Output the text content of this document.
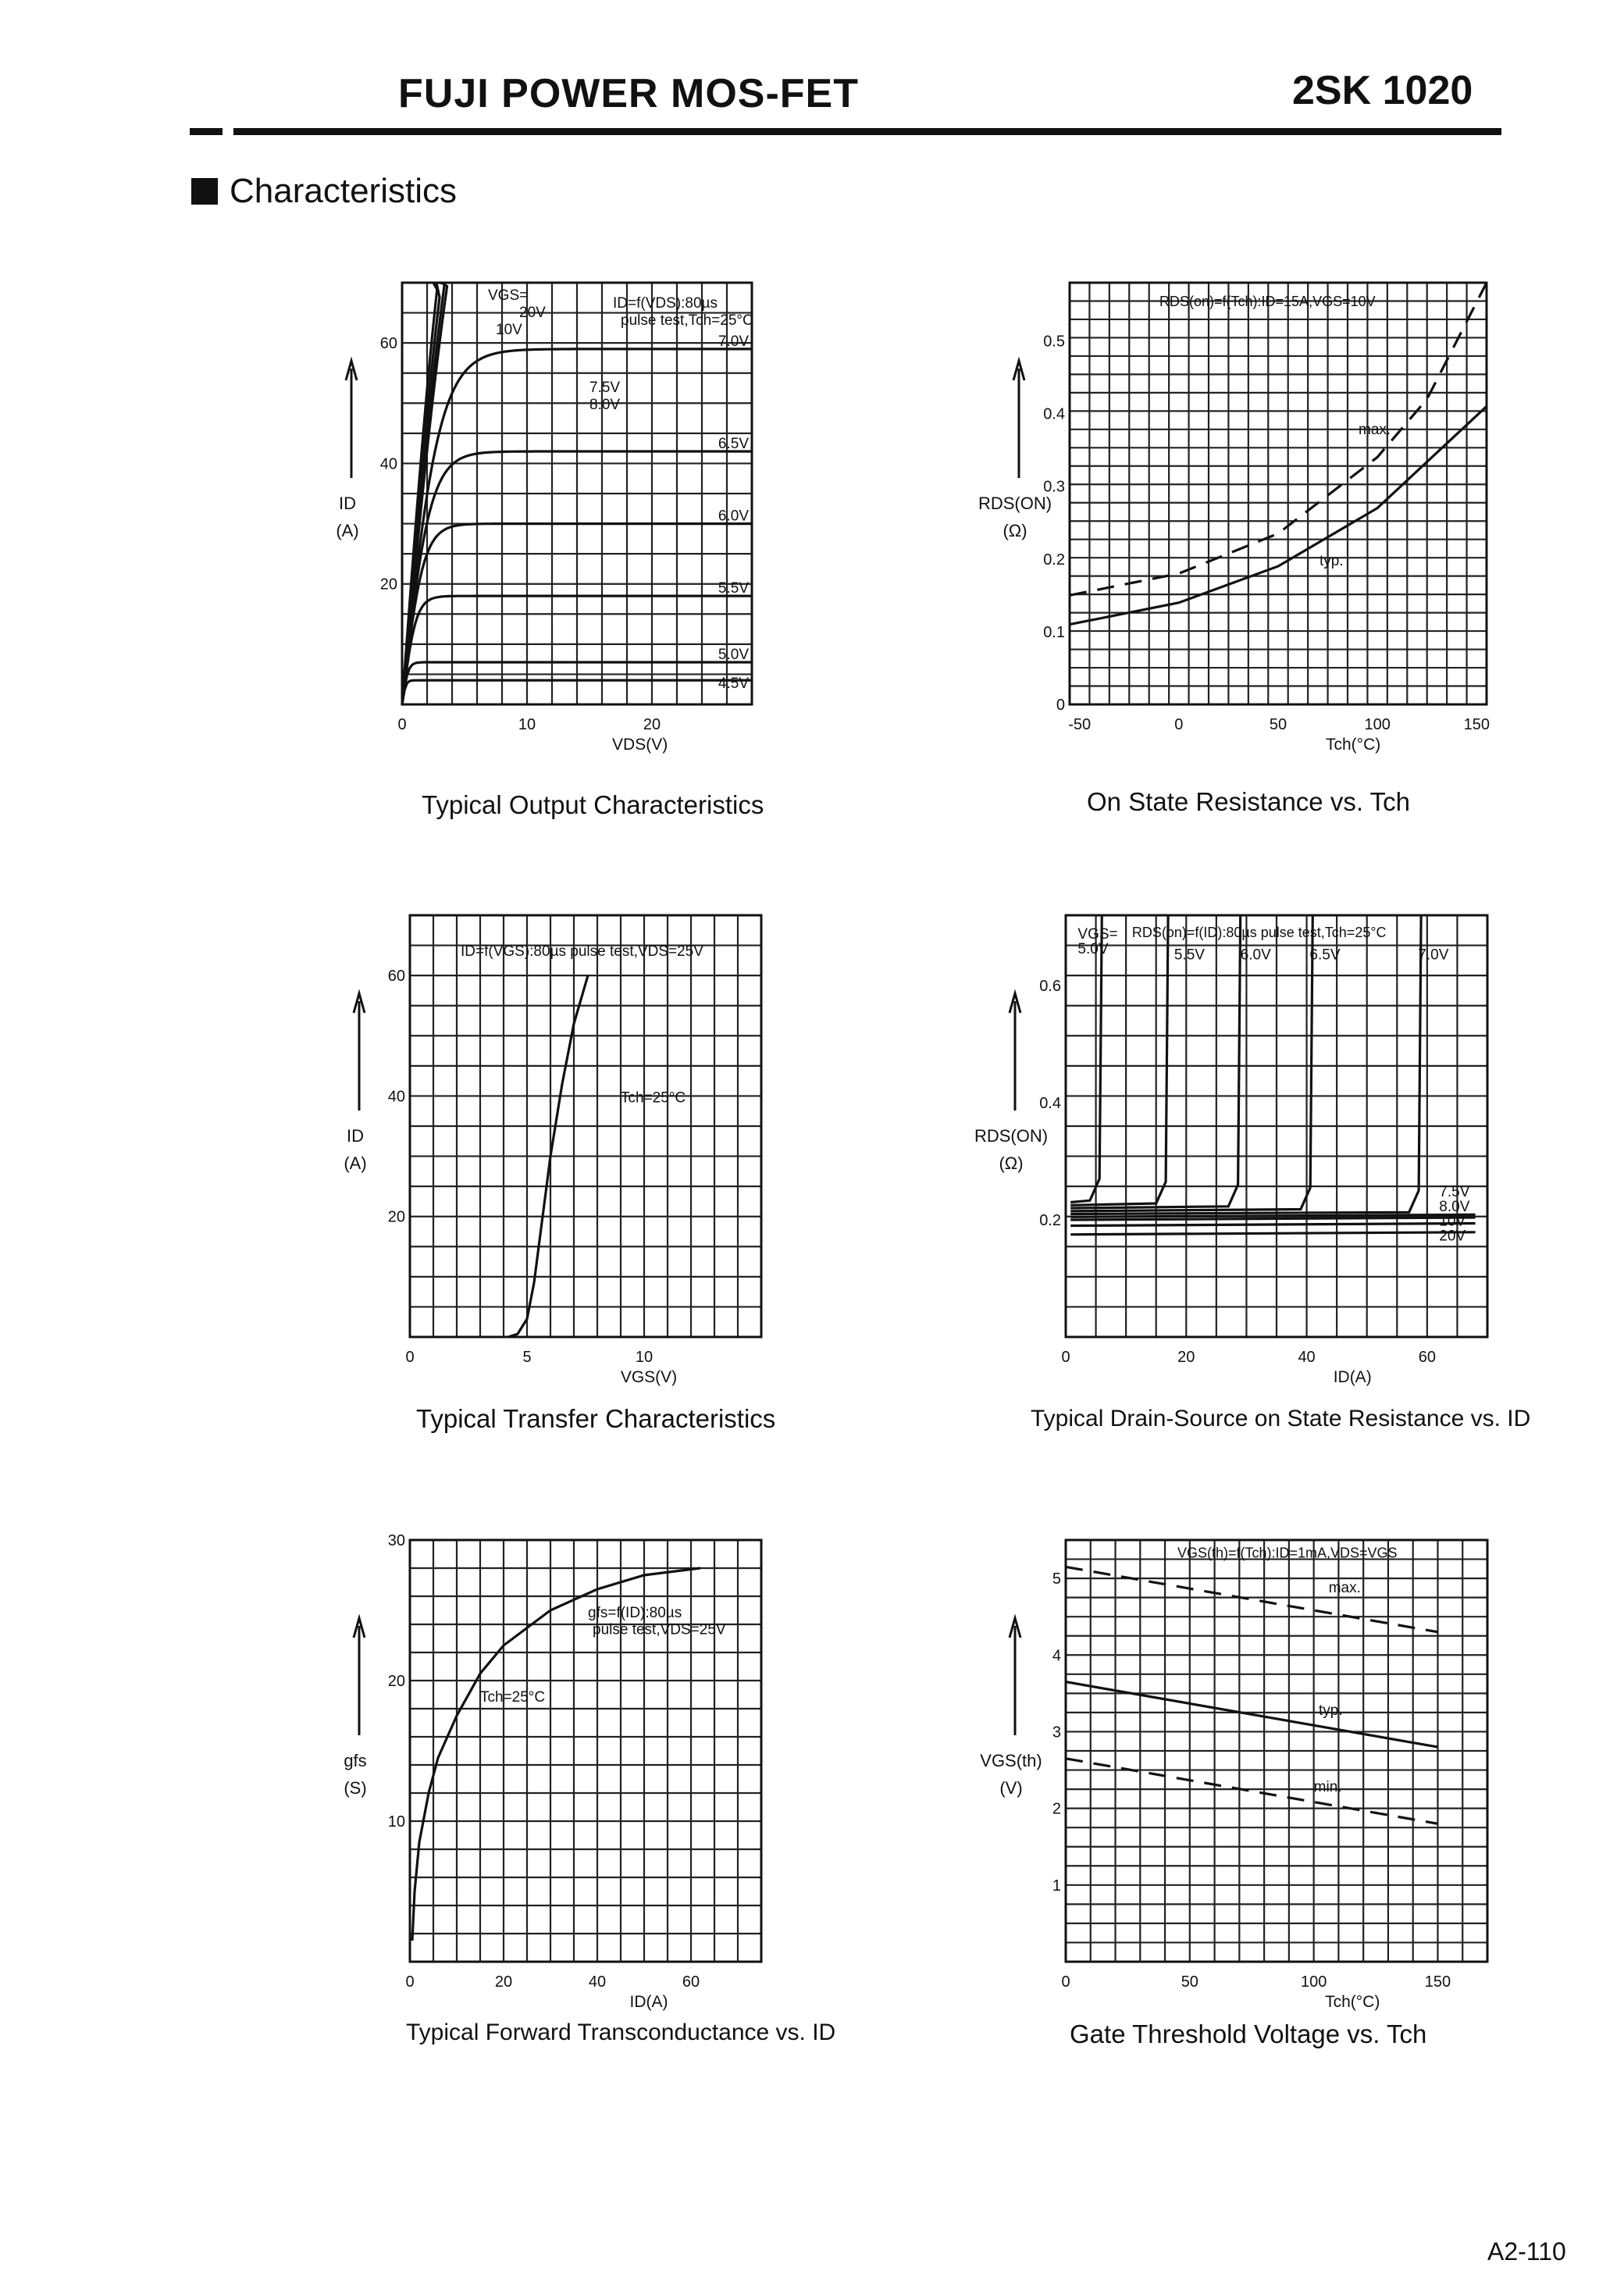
FUJI POWER MOS-FET	2SK 1020
Characteristics
0	10	20
20
40
60
VDS(V)
ID
(A)
7.0V
6.5V
6.0V
5.5V
5.0V
4.5V
20V
VGS=
10V
7.5V
8.0V
ID=f(VDS):80µs
pulse test,Tch=25°C
Typical Output Characteristics
-50	0	50	100	150
0
0.1
0.2
0.3
0.4
0.5
Tch(°C)
RDS(ON)
(Ω)
max.
typ.
RDS(on)=f(Tch):ID=15A,VGS=10V
On State Resistance vs. Tch
0	5	10
20
40
60
VGS(V)
ID
(A)
ID=f(VGS):80µs pulse test,VDS=25V
Tch=25°C
Typical Transfer Characteristics
0	20	40	60
0.2
0.4
0.6
ID(A)
RDS(ON)
(Ω)
5.5V 6.0V	6.5V	7.0V
5.0V
VGS=
7.5V
8.0V
10V
20V
RDS(on)=f(ID):80µs pulse test,Tch=25°C
Typical Drain-Source on State Resistance vs. ID
0	20	40	60
10
20
30
ID(A)
gfs
(S)
gfs=f(ID):80µs
pulse test,VDS=25V
Tch=25°C
Typical Forward Transconductance vs. ID
0	50	100	150
1
2
3
4
5
Tch(°C)
VGS(th)
(V)
max.
typ.
min.
VGS(th)=f(Tch):ID=1mA,VDS=VGS
Gate Threshold Voltage vs. Tch
A2-110
